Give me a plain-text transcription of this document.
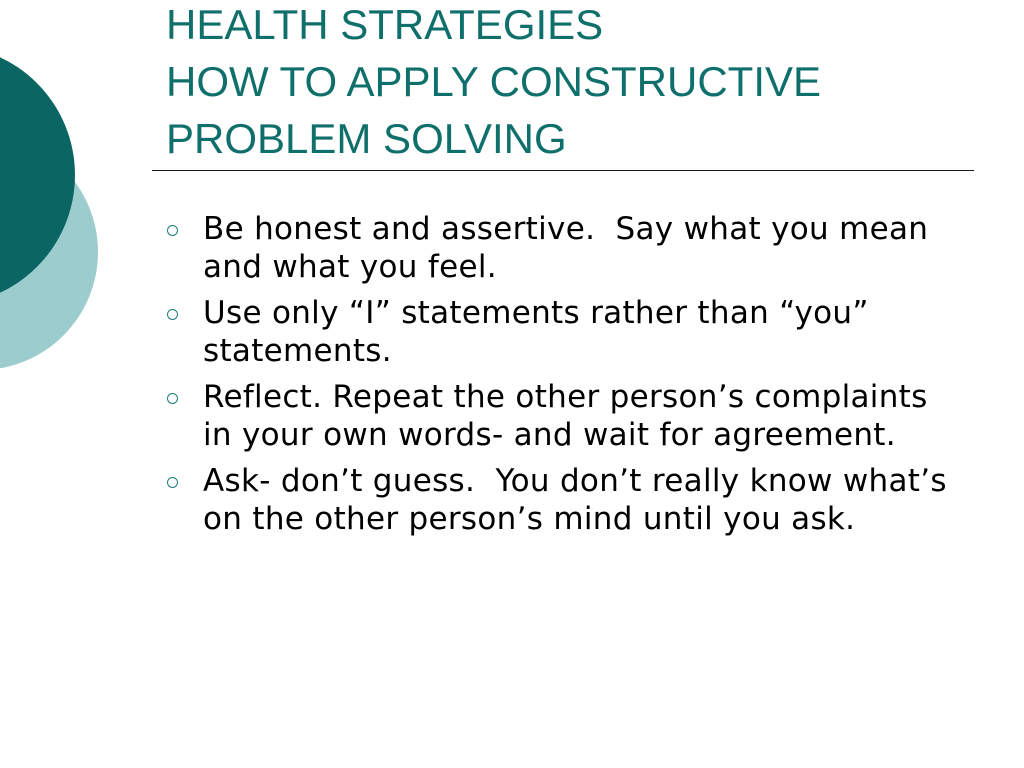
HEALTH STRATEGIES
HOW TO APPLY CONSTRUCTIVE
PROBLEM SOLVING
Be honest and assertive.  Say what you mean and what you feel.
Use only “I” statements rather than “you” statements.
Reflect. Repeat the other person’s complaints in your own words- and wait for agreement.
Ask- don’t guess.  You don’t really know what’s on the other person’s mind until you ask.
